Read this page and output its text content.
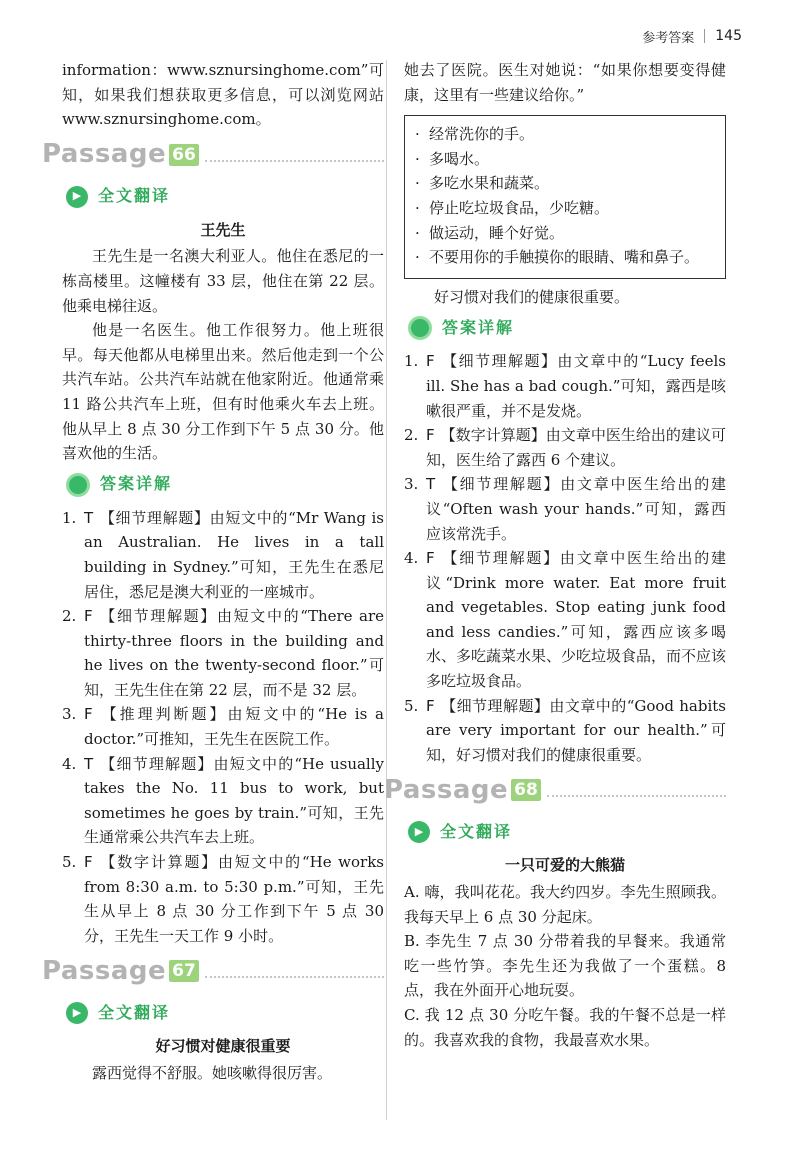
参考答案 145

information：www.sznursinghome.com”可知，如果我们想获取更多信息，可以浏览网站 www.sznursinghome.com。

Passage 66
▶	全文翻译
王先生

王先生是一名澳大利亚人。他住在悉尼的一栋高楼里。这幢楼有 33 层，他住在第 22 层。他乘电梯往返。

他是一名医生。他工作很努力。他上班很早。每天他都从电梯里出来。然后他走到一个公共汽车站。公共汽车站就在他家附近。他通常乘 11 路公共汽车上班，但有时他乘火车去上班。他从早上 8 点 30 分工作到下午 5 点 30 分。他喜欢他的生活。

答案详解
1. T 【细节理解题】由短文中的“Mr Wang is an Australian. He lives in a tall building in Sydney.”可知，王先生在悉尼居住，悉尼是澳大利亚的一座城市。
2. F 【细节理解题】由短文中的“There are thirty-three floors in the building and he lives on the twenty-second floor.”可知，王先生住在第 22 层，而不是 32 层。
3. F 【推理判断题】由短文中的“He is a doctor.”可推知，王先生在医院工作。
4. T 【细节理解题】由短文中的“He usually takes the No. 11 bus to work, but sometimes he goes by train.”可知，王先生通常乘公共汽车去上班。
5. F 【数字计算题】由短文中的“He works from 8:30 a.m. to 5:30 p.m.”可知，王先生从早上 8 点 30 分工作到下午 5 点 30 分，王先生一天工作 9 小时。
Passage 67
▶	全文翻译
好习惯对健康很重要

露西觉得不舒服。她咳嗽得很厉害。

她去了医院。医生对她说：“如果你想要变得健康，这里有一些建议给你。”

· 经常洗你的手。
· 多喝水。
· 多吃水果和蔬菜。
· 停止吃垃圾食品，少吃糖。
· 做运动，睡个好觉。
· 不要用你的手触摸你的眼睛、嘴和鼻子。

好习惯对我们的健康很重要。

答案详解
1. F 【细节理解题】由文章中的“Lucy feels ill. She has a bad cough.”可知，露西是咳嗽很严重，并不是发烧。
2. F 【数字计算题】由文章中医生给出的建议可知，医生给了露西 6 个建议。
3. T 【细节理解题】由文章中医生给出的建议“Often wash your hands.”可知，露西应该常洗手。
4. F 【细节理解题】由文章中医生给出的建议“Drink more water. Eat more fruit and vegetables. Stop eating junk food and less candies.”可知，露西应该多喝水、多吃蔬菜水果、少吃垃圾食品，而不应该多吃垃圾食品。
5. F 【细节理解题】由文章中的“Good habits are very important for our health.”可知，好习惯对我们的健康很重要。
Passage 68
▶	全文翻译
一只可爱的大熊猫

A. 嗨，我叫花花。我大约四岁。李先生照顾我。我每天早上 6 点 30 分起床。

B. 李先生 7 点 30 分带着我的早餐来。我通常吃一些竹笋。李先生还为我做了一个蛋糕。8 点，我在外面开心地玩耍。

C. 我 12 点 30 分吃午餐。我的午餐不总是一样的。我喜欢我的食物，我最喜欢水果。
